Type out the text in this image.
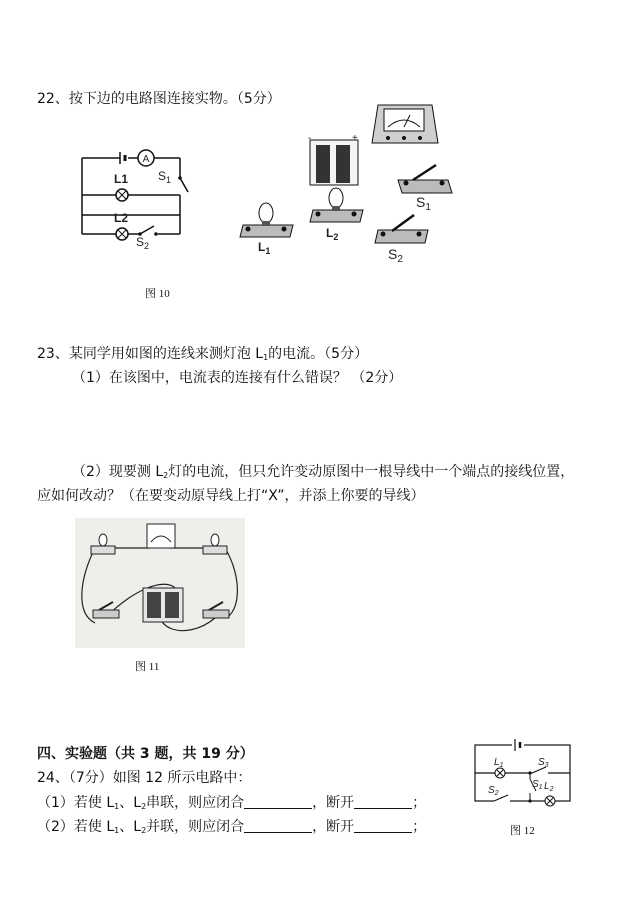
22、按下边的电路图连接实物。（5分）
A
L1
L2
$S_1$
$S_2$
-	+
$L_1$
$L_2$
$S_1$
$S_2$
图 10
23、某同学用如图的连线来测灯泡 $L_1$的电流。（5分）
（1）在该图中，电流表的连接有什么错误？ （2分）
（2）现要测 $L_2$灯的电流，但只允许变动原图中一根导线中一个端点的接线位置，
应如何改动？（在要变动原导线上打“X”，并添上你要的导线）
图 11
四、实验题（共 3 题，共 19 分）
24、（7分）如图 12 所示电路中：
（1）若使 $L_1$、$L_2$串联，则应闭合	，断开	；
（2）若使 $L_1$、$L_2$并联，则应闭合	，断开	；
$L_1$	$S_3$
$S_1$ $L_2$
$S_2$
图 12
